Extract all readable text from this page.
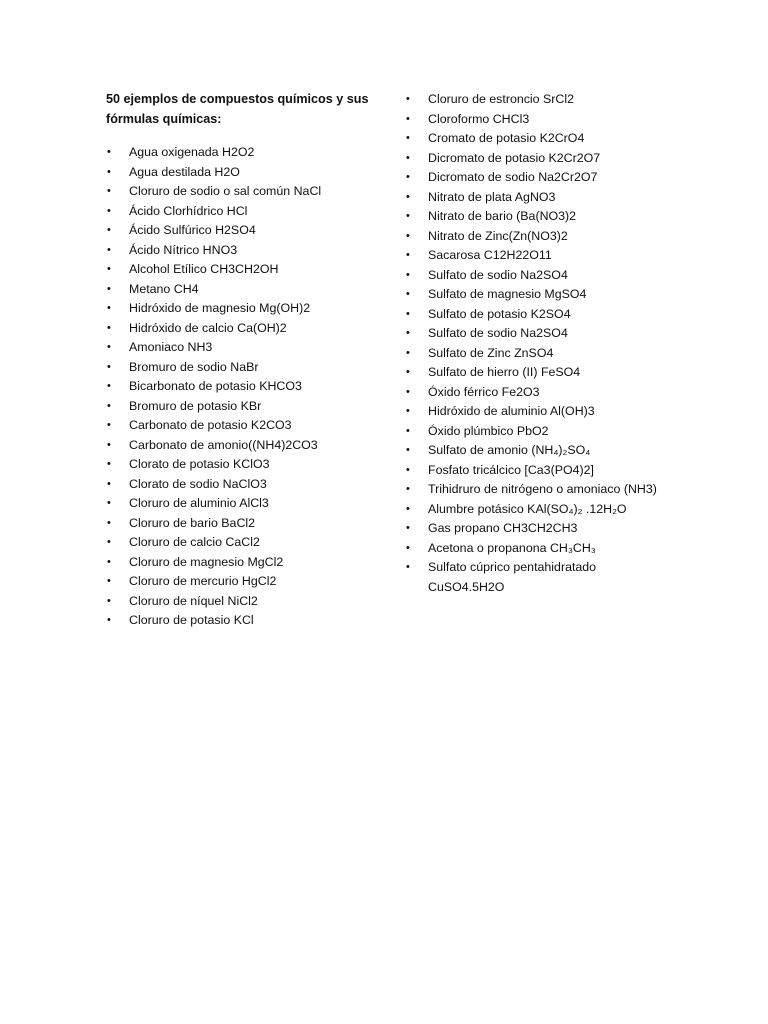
50 ejemplos de compuestos químicos y sus fórmulas químicas:
• Agua oxigenada H2O2
• Agua destilada H2O
• Cloruro de sodio o sal común NaCl
• Ácido Clorhídrico HCl
• Ácido Sulfúrico H2SO4
• Ácido Nítrico HNO3
• Alcohol Etílico CH3CH2OH
• Metano CH4
• Hidróxido de magnesio Mg(OH)2
• Hidróxido de calcio Ca(OH)2
• Amoniaco NH3
• Bromuro de sodio NaBr
• Bicarbonato de potasio KHCO3
• Bromuro de potasio KBr
• Carbonato de potasio K2CO3
• Carbonato de amonio((NH4)2CO3
• Clorato de potasio KClO3
• Clorato de sodio NaClO3
• Cloruro de aluminio AlCl3
• Cloruro de bario BaCl2
• Cloruro de calcio CaCl2
• Cloruro de magnesio MgCl2
• Cloruro de mercurio HgCl2
• Cloruro de níquel NiCl2
• Cloruro de potasio KCl
• Cloruro de estroncio SrCl2
• Cloroformo CHCl3
• Cromato de potasio K2CrO4
• Dicromato de potasio K2Cr2O7
• Dicromato de sodio Na2Cr2O7
• Nitrato de plata AgNO3
• Nitrato de bario (Ba(NO3)2
• Nitrato de Zinc(Zn(NO3)2
• Sacarosa C12H22O11
• Sulfato de sodio Na2SO4
• Sulfato de magnesio MgSO4
• Sulfato de potasio K2SO4
• Sulfato de sodio Na2SO4
• Sulfato de Zinc ZnSO4
• Sulfato de hierro (II) FeSO4
• Óxido férrico Fe2O3
• Hidróxido de aluminio Al(OH)3
• Óxido plúmbico PbO2
• Sulfato de amonio (NH₄)₂SO₄
• Fosfato tricálcico [Ca3(PO4)2]
• Trihidruro de nitrógeno o amoniaco (NH3)
• Alumbre potásico KAl(SO₄)₂ .12H₂O
• Gas propano CH3CH2CH3
• Acetona o propanona CH₃CH₃
• Sulfato cúprico pentahidratado CuSO4.5H2O
